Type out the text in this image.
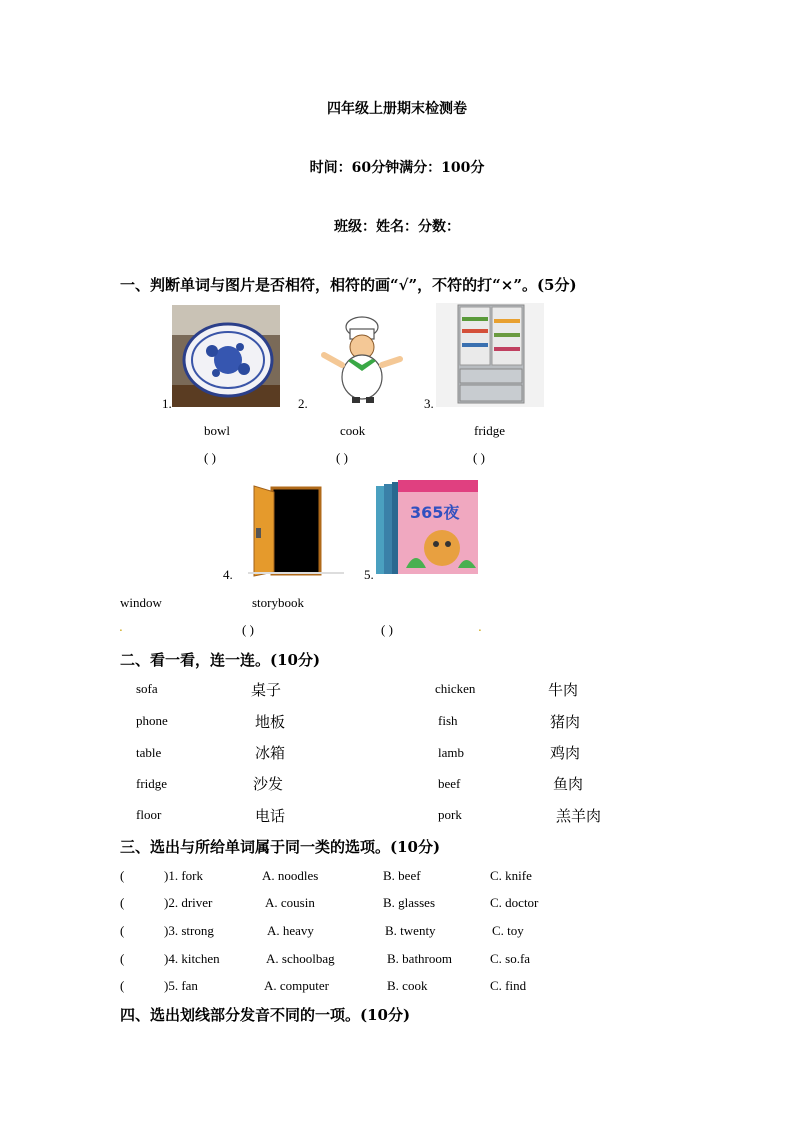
四年级上册期末检测卷
时间：60分钟满分：100分
班级：姓名：分数：
一、判断单词与图片是否相符，相符的画“√”，不符的打“×”。(5分)
1.	2.	3.
bowl	cook	fridge
( )	( )	( )
4.
365夜
5.
window	storybook
.	( )	( )	.
二、看一看，连一连。(10分)
sofa
phone
table
fridge
floor
桌子
地板
冰箱
沙发
电话
chicken
fish
lamb
beef
pork
牛肉
猪肉
鸡肉
鱼肉
羔羊肉
三、选出与所给单词属于同一类的选项。(10分)
(	)1. fork	A. noodles	B. beef	C. knife
(	)2. driver	A. cousin	B. glasses	C. doctor
(	)3. strong	A. heavy	B. twenty	C. toy
(	)4. kitchen	A. schoolbag	B. bathroom	C. so.fa
(	)5. fan	A. computer	B. cook	C. find
四、选出划线部分发音不同的一项。(10分)
